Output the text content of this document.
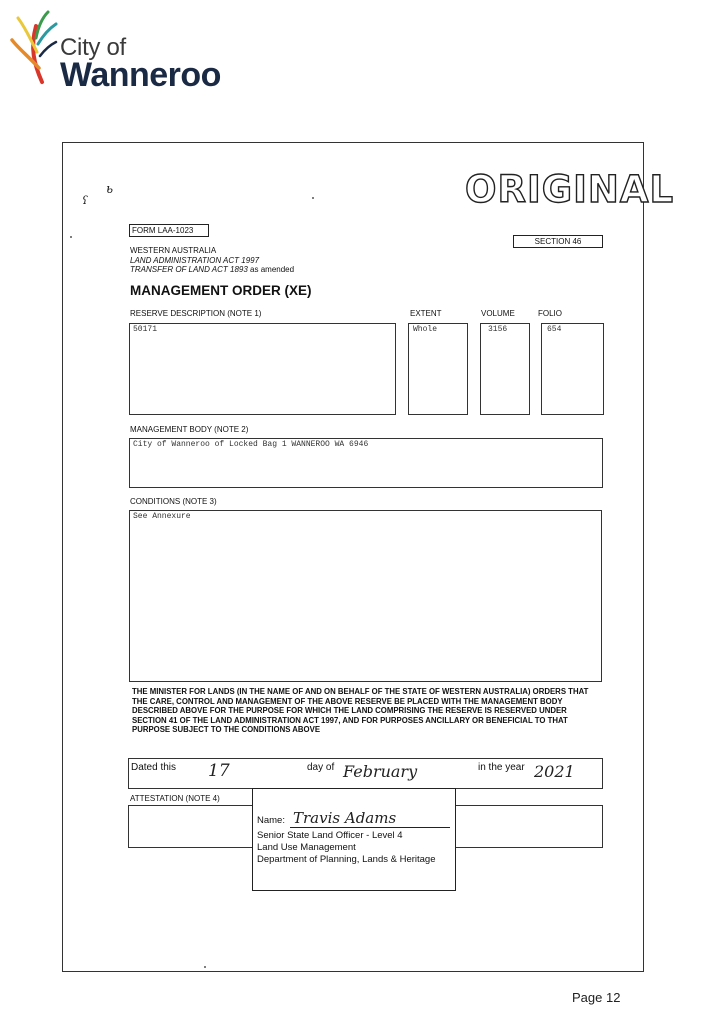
City of
Wanneroo
ь
ʕ	ORIGINAL
FORM LAA-1023
SECTION 46
WESTERN AUSTRALIA
LAND ADMINISTRATION ACT 1997
TRANSFER OF LAND ACT 1893 as amended
MANAGEMENT ORDER (XE)
RESERVE DESCRIPTION (NOTE 1)	EXTENT	VOLUME	FOLIO
50171	Whole	3156	654
MANAGEMENT BODY (NOTE 2)
City of Wanneroo of Locked Bag 1 WANNEROO WA 6946
CONDITIONS (NOTE 3)
See Annexure
THE MINISTER FOR LANDS (IN THE NAME OF AND ON BEHALF OF THE STATE OF WESTERN AUSTRALIA) ORDERS THAT THE CARE, CONTROL AND MANAGEMENT OF THE ABOVE RESERVE BE PLACED WITH THE MANAGEMENT BODY DESCRIBED ABOVE FOR THE PURPOSE FOR WHICH THE LAND COMPRISING THE RESERVE IS RESERVED UNDER SECTION 41 OF THE LAND ADMINISTRATION ACT 1997, AND FOR PURPOSES ANCILLARY OR BENEFICIAL TO THAT PURPOSE SUBJECT TO THE CONDITIONS ABOVE
Dated this 17	day of February	in the year 2021
ATTESTATION (NOTE 4)
Name: Travis Adams
Senior State Land Officer - Level 4
Land Use Management
Department of Planning, Lands & Heritage
Page 12
